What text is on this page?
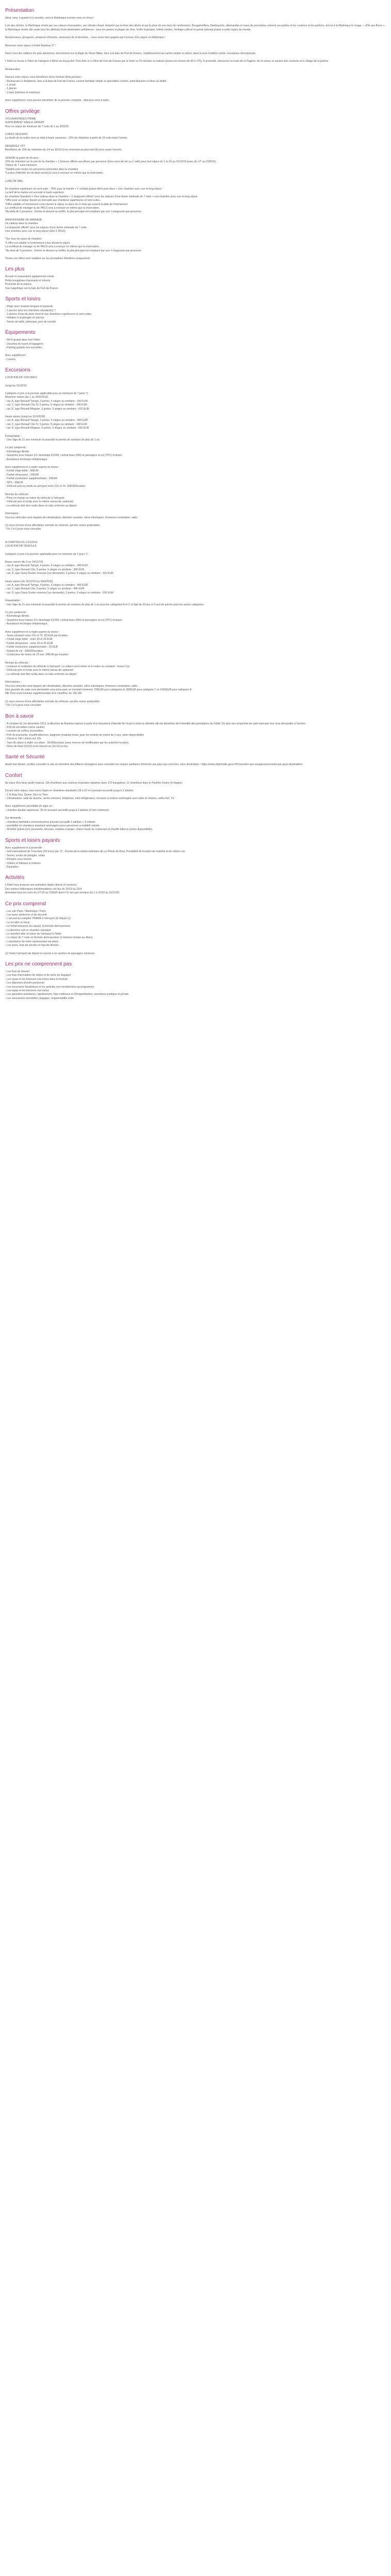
Présentation
Idéal, sexy, à quand et à raconter, voici la Martinique comme vous en rêvez !
Loin des clichés, la Martinique révèle par ses valeurs incessantes, ses climats chaud, tempéré par la brise des alizés et par la pluie de ses mois de randonnées. Bougainvilliers, flamboyants, allamandas et roses de porcelaine colorent ses jardins et les couleurs et les parfums, tel est à la Martinique le rivage — d'île aux fleurs », la Martinique révèle elle seule tous les attributs d'une destination ambitieuse : sous les gestes et plages de rêve, forêts tropicales, hôtels créoles, héritage culturel et passé colonial propre à cette région du monde.
Randonneurs, plongeurs, amateurs d'histoire, amoureux de la farniente… vous serez bien gagnés par l'ivresse d'un séjour en Martinique !
Réservez votre séjour à l'hôtel Bambou 2* !
Dans l'une des stations les plus attractives, directement sur la plage de l'Anse Mitan, face à la baie de Fort-de-France, l'établissement au cachet simple et coloré, dans le pure tradition créole, écoutaisse décontractée.
L'hôtel se trouve à 20km de l'aéroport à 40mn du bourg des Trois-Ilets et à 10km de Fort-de-France par la route ou 20 minutes en bateau (toutes les heures de 6h à 17h). À proximité, découvrez la route de la Pagerie, de la canne, la savane des esclaves et le village de la poterie.
Restauration
Dansez votre séjour, vous bénéficiez d'une formule demi-pension :
- Restaurant Le Badiamon, face à la baie de Fort-de-France, cuisine familiale simple et spécialités créoles, petit-déjeuner et dîner au buffet
- 1 snack
- 1 glacier
- 2 bars (intérieur et extérieur)
Avec supplément, vous pouvez bénéficier de la pension complète : déjeuner servi à table.
Offres privilège
VOS AVANTAGES PRIME
SUPPLÉMENT SINGLE OFFERT
Pour un séjour de minimum de 7 nuits du 1 au 30/9/19.
LONGS SÉJOURS
La durée de la nuitée sera un total à hauts vacances : 10% de réduction à partir de 15 nuits toute l'année.
RÉSERVEZ TÔT
Bénéficiez de 15% de réduction du 1/4 au 30/11/19 en réservant au plus tard 60 jours avant l'arrivée.
SENIOR (à partir de 60 ans) :
10% de réduction sur le prix de la chambre + 1 boisson offerte aux dîners par personne (hors verre de vin ou 1 café) pour tout séjour du 1 to 19 au 31/10/19 (avec du 1/7 au 31/8/19).
*séjour de 7 nuits minimum
*Valable pour toutes les personnes présentes dans la chambre
*La plus d'identité (ou du deal senior(s)) sera à envoyer en même que la réservation.
LUNE DE MIEL
En chambre supérieure ou vent suite :- 25% pour la mariée + 1 cocktail gratuit offert pour deux + Une chambre avec vue et long séjour.
La tarif de la mariée est accordé à hauts supérieur.
En chambre Standard = 1ère cadeau dans la chambre + 1 langouste offerte* pour les séjours d'une durée minimale de 7 nuits + une chambre avec vue et long séjour.
*offre pour un séjour durant un intervalle aux chambres supérieures et vent suites.
*Offre valable si l'événement a lieu durant le séjour ou dans les 6 mois qui suivent la date de l'événement.
La certificat de mariage ou de PACS sera à envoyer en même que la réservation.
*Au-delà de 5 pensions : Entrée et dessert au buffet, le plat principal est remplacé par une ½ langouste par personne.
ANNIVERSAIRE DE MARIAGE
Un cadeau dans la chambre
La langouste offerte* pour les séjours d'une durée minimale de 7 nuits.
Une chambre avec vue et long séjour (Dès 5 25/10).
*Sur tous les types de chambre
*L'offre est valable si l'événement a lieu durant le séjour
La certificat de mariage ou de PACS sera à envoyer en même que la réservation.
*Au-delà de 5 pensions : Entrée et dessert au buffet, le plat principal est remplacé par une ½ langouste par personne.
Toutes ces offres sont valables sur les prestations hôtelières uniquement.
Les plus
Accueil et restauration typiquement créole
Petits bungalows charmants et colorés
Proximité de la marina
Vue magnifique sur la baie de Fort-de-France
Sports et loisirs
- Plage avec chaises longues et parasols
- 1 piscine pour les chambres standard(s) 7
- 1 piscine d'eau de pluie réservé aux chambres supérieures et vent suites
- Initiation à la plongée en piscine
- Tennis de table, pétanque, jeux de société
Équipements
- Wi-Fi gratuit dans tout l'hôtel
- Douches de travel et bagagerie
- Parking gratuits non surveillés.
Avec supplément :
- Laverie.
Excursions
LOCATION DE VOITURES
Jusqu'au 31/10/19
Catégorie et prix si la journée applicable pour un minimum de 7 jours *):
Moyenne saison (du 1 au 30/4/2018)
- cat. A, type Renault Twingo, 3 portes, 5 sièges ou similaire : 330 EUR
- cat. C, type Renault Clio IV, 5 portes, 5 sièges ou similaire : 340 EUR
- cat. E, type Renault Megane, 5 portes, 5 sièges ou similaire : 410 EUR
Haute saison (jusqu'au 31/3/2018)
- cat. A, type Renault Twingo, 3 portes, 5 sièges ou similaire : 400 EUR
- cat. C, type Renault Clio IV, 5 portes, 5 sièges ou similaire : 440 EUR
- cat. E, type Renault Megane, 5 portes, 5 sièges ou similaire : 500 EUR
Forwardable :
- Dès l'âge de 21 ans minimum et possède le permis de conduire de plus de 1 an.
Le prix comprend :
- Kilométrage illimité,
- Garanties tous risques (CL dommage ICDW), contrat base (PAI) et passagers et vol (TPC) incluses
- Assistance technique téléphonique.
Avec supplément et à régler auprès du loueur :
- Forfait siège bébé : 30EUR
- Forfait réhausseur : 20EUR
- Forfait conducteur supplémentaire : 25EUR
- GPS : 30EUR
- Véhicule pris ou rendu en aéroport entre 21h et 7h: 20EUR/location
Remise du véhicule :
- Prise en charge ou retour du véhicule à l'aéroport
- Véhicule pris et rendu avec le même niveau de carburant
- Le véhicule doit être rendu dans un état conforme au départ
Information :
Tous les véhicules sont équipés de climatisation, direction assistée, vitres électriques, fermeture centralisée, radio.
(1) sous réserve d'une affectation normale du véhicule, qui des routes praticables
* De 3 à 6 jours nous consulter
A COMPTER DU 1/11/2019
LOCATION DE VÉHICULE
Catégorie et prix à la journée applicable pour un minimum de 7 jours *):
Basse saison (du 9 au 14/12/19)
- cat. A, type Renault Twingo, 4 portes, 4 sièges ou similaire : 240 EUR
- cat. C, type Renault Clio, 5 portes, 5 sièges ou similaire : 300 EUR
- cat. D, type Dacia Duster essence (sur demande), 5 portes, 5 sièges ou similaire : 410 EUR
Haute saison (du 15/12/19 au 30/4/2020)
- cat. A, type Renault Twingo, 4 portes, 4 sièges ou similaire : 400 EUR
- cat. C, type Renault Clio, 5 portes, 5 sièges ou similaire : 440 EUR
- cat. D, type Dacia Duster essence (sur demande), 5 portes, 5 sièges ou similaire : 650 EUR
Forwardable :
- Dès l'âge de 21 ans minimum et possède le permis de conduire de plus de 1 an pour les catégories A et C et âgé de 23 ans et 3 ans de permis pour les autres catégories
Le prix comprend :
- Kilométrage illimité,
- Garanties tous risques (CL dommage ICDW), contrat base (PAI) et passagers et vol (TPC) incluses
- Assistance technique téléphonique.
Avec supplément et à régler auprès du loueur :
- Taxes aéroport entre 21h et 7h: 25 EUR par location
- Forfait siège bébé : entre 30 et 35 EUR
- Forfait réhausseur : entre 20 et 25 EUR
- Forfait conducteur supplémentaire : 25 EUR
- Retard de vol : 30EUR/location
- Conducteur de moins de 23 ans: 30EUR par location
Remise du véhicule :
- Livraison et restitution du véhicule à l'aéroport. La voiture est à retirer et à rendre au comptoir : loueur Car
- Véhicule pris et rendu avec le même niveau de carburant
- Le véhicule doit être rendu dans un état conforme au départ
Informations :
Tous les véhicules sont équipés de climatisation, direction assistée, vitres électriques, fermeture centralisée, radio.
Une garantie de carte sera demandée sera prise pour un montant minimum 700EUR pour catégories A, 800EUR pour catégorie C et 1000EUR pour catégorie D.
NB: Pour toute location supplémentaire d'un chauffeur de 130 UR.
(1) sous réserve d'une affectation normale du véhicule, qui des routes praticables
* De 3 à 6 jours nous consulter
Bon à savoir
- À compter du 1er décembre 2013, la directive de Bambou impose à partir d'un document d'identité de l'écart à toute la clientèle afin de bénéficier de l'intendité des prestations de l'hôtel. De plus une empreinte de carte bancaire leur sera demandée à l'arrivée.
- Prêt de serviettes contre caution
- Location de coffres accessibles
- Prêt de poussette, chauffe-biberons, baignoire (matelas loués, pour les enfants de moins de 2 ans, selon disponibilité)
- Check-in 14h / check-out 12h.
- Taxe de séjour à régler sur place : 1EUR/jour/pax (sous réserve de modification par les autorités locales).
- Dîner de Noël (24/12) et du Nouvel an (31/12) inclus
Santé et Sécurité
Avant tout départ, veuillez consulter le site du ministère des Affaires étrangères pour connaître les risques sanitaires inhérents aux pays qui concerne, voire destination : https://www.diplomatie.gouv.fr/fr/conseils-aux-voyageurs/conseils-par-pays-destination/
Confort
Au cœur d'un beau jardin tropical, 135 chambres aux couleurs tropicales réparties dans 172 bungalows, 21 chambres dans le Pavillon Cotton (4 étages).
Durant votre séjour, vous serez logés en chambres standards (18 à 22 m²) pouvant accueillir jusqu'à 3 adultes.
- 1 lit King Size, Queen Size ou Twin,
- Climatisation, salle de douche, sèche-cheveux, téléphone, mini-réfrigérateur, terrasse ou balcon aménagée avec table et chaises, coffre-fort, TV.
Avec supplément, possibilité de loger en :
- chambre double supérieure, 25 m² pouvant accueillir jusqu'à 2 adultes (4 non minimum).
Sur demande :
- chambres familiales communicantes pouvant accueillir 2 adultes + 4 enfants
- possibilité de chambres standard aménagées pour personnes à mobilité réduite.
- 46 bébé gratuit avec poussette, berceau, matelas à langer, chaise haute au restaurant et chauffe-biberon (selon disponibilité).
Sports et loisirs payants
Avec supplément et à proximité :
- Golf international de Trois-Ilets (18 trous) par 72 : Proche de la station balnéaire de La Pointe du Bout. Possibilité de location de matériel et de voiture car.
- Tennis, centre de plongée, voiles
- Plongée sous-marine
- Voiliers et bateaux à moteurs
- Équitation
Activités
L'hôtel vous propose une animation légère diurne et nocturne.
Des soirées folkloriques hebdomadaires ont lieu du 15/12 au 15/4.
Animation tous les soirs du 1/7/19 au 31/8/20 dont il 1h lors par semaine du 1 à 15/10 au 16/12/20.
Ce prix comprend
- Les vols Paris / Martinique / Paris
- Les taxes aériennes et de sécurité
- L'accueil au comptoir TRAMA à l'aéroport (le départ (1)
- Le vol aller et retour
- Le forfait boissons (ou repas), la formule demi-pension
- La dernière nuit en chambre standard
- Le transfert aller et retour de l'aéroport à l'hôtel
- Le séjour de 7 nuits en formule demi-pension (1 boisson incluse au dîner)
- L'assistance de notre représentant sur place
- Les taxes, frais de service et frais de dossier
(1) Selon l'aéroport de départ et soumis à un nombre de passagers minimum.
Les prix ne comprennent pas
- Les frais de dossier
- Les frais d'annulation de séjour et de perte de bagages
- Les repas et les boissons non inclus dans la formule
- Les dépenses d'ordre personnel
- Les excursions facultatives et les activités non mentionnées au programme
- Les repas et les boissons non inclus
- Les garanties assistance, rapatriement, frais médicaux et d'hospitalisation, assistance juridique et pénale
- Les assurances annulation, bagages, responsabilité civile
